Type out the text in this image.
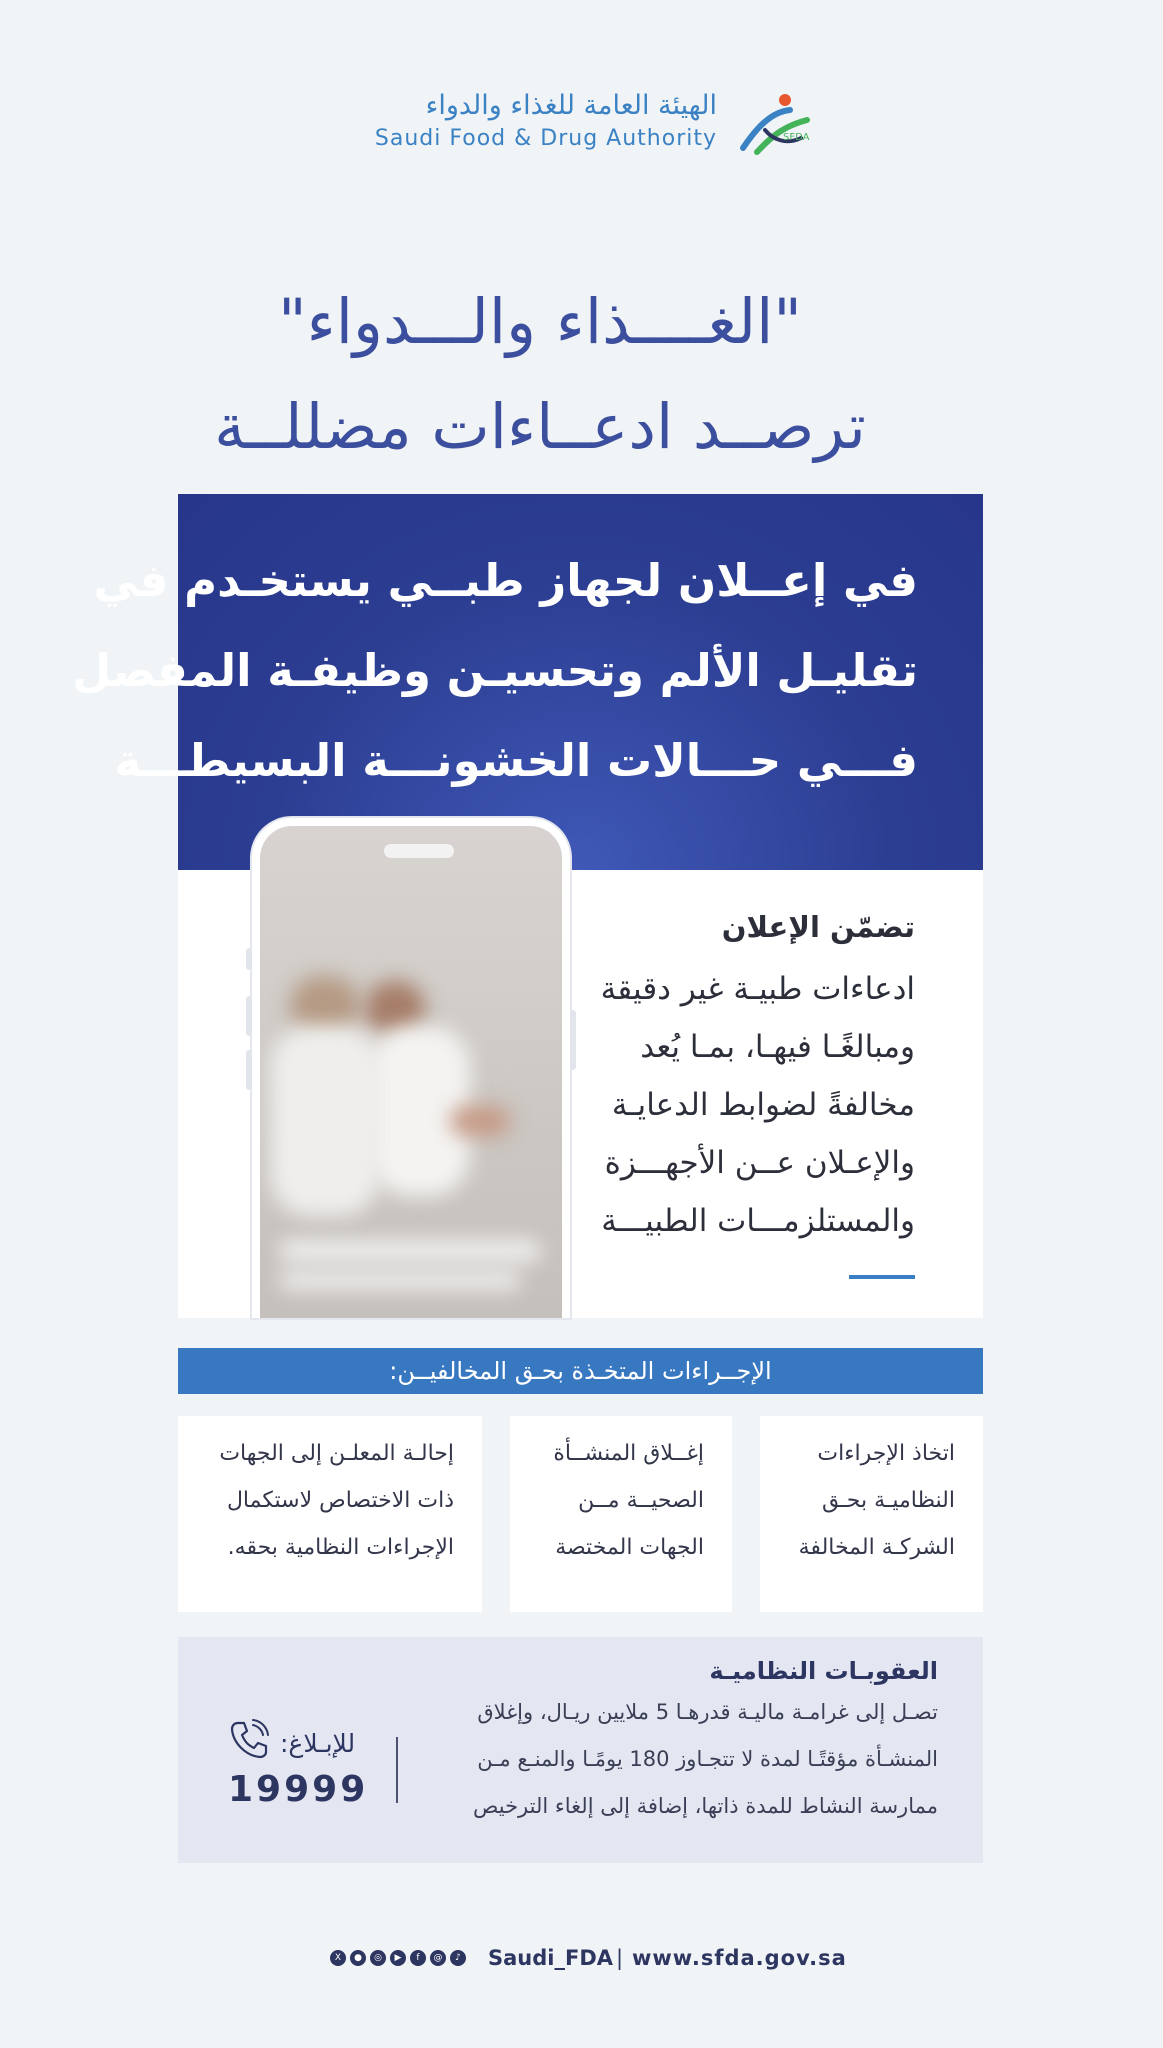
SFDA
الهيئة العامة للغذاء والدواء
Saudi Food & Drug Authority
"الغــــذاء والـــدواء"
ترصــد ادعــاءات مضللــة
في إعــلان لجهاز طبــي يستخـدم في
تقليـل الألم وتحسيـن وظيفـة المفصل
فـــي حـــالات الخشونـــة البسيطـــة
تضمّن الإعلان
ادعاءات طبيـة غير دقيقة
ومبالغًـا فيهـا، بمـا يُعد
مخالفةً لضوابط الدعايـة
والإعـلان عــن الأجهـــزة
والمستلزمـــات الطبيـــة
الإجــراءات المتخـذة بحـق المخالفيــن:
اتخاذ الإجراءات
النظاميـة بحـق
الشركـة المخالفة
إغــلاق المنشــأة
الصحيــة مــن
الجهات المختصة
إحالـة المعلـن إلى الجهات
ذات الاختصاص لاستكمال
الإجراءات النظامية بحقه.
العقوبـات النظاميـة
تصـل إلى غرامـة ماليـة قدرهـا 5 ملايين ريـال، وإغلاق
المنشـأة مؤقتًـا لمدة لا تتجـاوز 180 يومًـا والمنـع مـن
ممارسة النشاط للمدة ذاتها، إضافة إلى إلغاء الترخيص
للإبـلاغ:
19999
X	●	◎	▶	f	@	♪ Saudi_FDA | www.sfda.gov.sa
